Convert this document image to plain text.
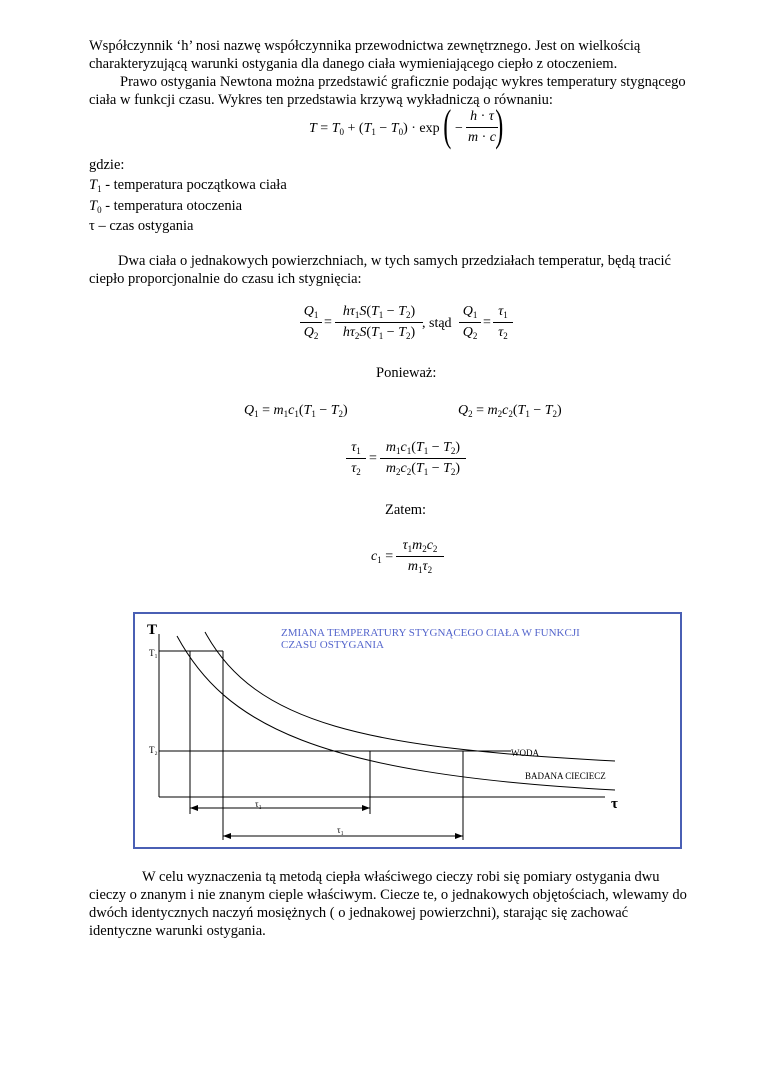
Współczynnik ‘h’ nosi nazwę współczynnika przewodnictwa zewnętrznego. Jest on wielkością
charakteryzującą warunki ostygania dla danego ciała wymieniającego ciepło z otoczeniem.
Prawo ostygania Newtona można przedstawić graficznie podając wykres temperatury stygnącego
ciała w funkcji czasu. Wykres ten przedstawia krzywą wykładniczą o równaniu:
$T = T_0 + (T_1 - T_0) \cdot \exp$ ( − $\frac{h \cdot \tau}{m \cdot c}$
)
gdzie:
$T_1$ - temperatura początkowa ciała
$T_0$ - temperatura otoczenia
τ – czas ostygania
Dwa ciała o jednakowych powierzchniach, w tych samych przedziałach temperatur, będą tracić
ciepło proporcjonalnie do czasu ich stygnięcia:
$\frac{Q_1}{Q_2} = \frac{h\tau_1S(T_1 - T_2)}{h\tau_2S(T_1 - T_2)}$ , stąd $\frac{Q_1}{Q_2} = \frac{\tau_1}{\tau_2}$
Ponieważ:
$Q_1 = m_1c_1(T_1 - T_2)$	$Q_2 = m_2c_2(T_1 - T_2)$
$\frac{\tau_1}{\tau_2} = \frac{m_1c_1(T_1 - T_2)}{m_2c_2(T_1 - T_2)}$
Zatem:
$c_1 = \frac{\tau_1m_2c_2}{m_1\tau_2}$
T
τ
ZMIANA TEMPERATURY STYGNĄCEGO CIAŁA W FUNKCJI
CZASU OSTYGANIA
T₁
T₂	WODA
BADANA CIECIECZ
τ₁
τ₁
W celu wyznaczenia tą metodą ciepła właściwego cieczy robi się pomiary ostygania dwu
cieczy o znanym i nie znanym cieple właściwym. Ciecze te, o jednakowych objętościach, wlewamy do
dwóch identycznych naczyń mosiężnych ( o jednakowej powierzchni), starając się zachować
identyczne warunki ostygania.
